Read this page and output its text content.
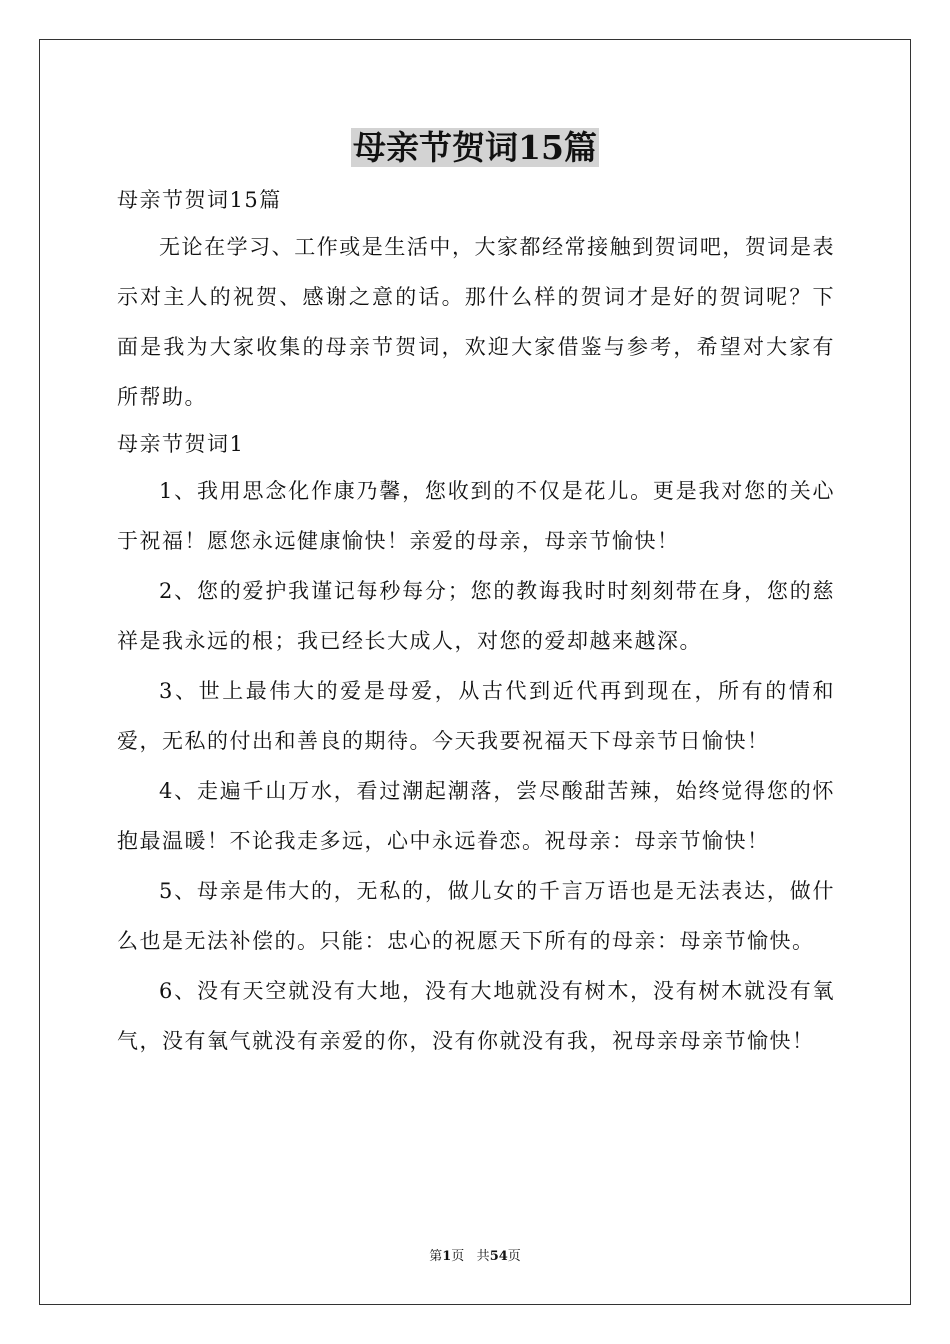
母亲节贺词15篇

母亲节贺词15篇

无论在学习、工作或是生活中，大家都经常接触到贺词吧，贺词是表示对主人的祝贺、感谢之意的话。那什么样的贺词才是好的贺词呢？下面是我为大家收集的母亲节贺词，欢迎大家借鉴与参考，希望对大家有所帮助。

母亲节贺词1

1、我用思念化作康乃馨，您收到的不仅是花儿。更是我对您的关心于祝福！愿您永远健康愉快！亲爱的母亲，母亲节愉快！

2、您的爱护我谨记每秒每分；您的教诲我时时刻刻带在身，您的慈祥是我永远的根；我已经长大成人，对您的爱却越来越深。

3、世上最伟大的爱是母爱，从古代到近代再到现在，所有的情和爱，无私的付出和善良的期待。今天我要祝福天下母亲节日愉快！

4、走遍千山万水，看过潮起潮落，尝尽酸甜苦辣，始终觉得您的怀抱最温暖！不论我走多远，心中永远眷恋。祝母亲：母亲节愉快！

5、母亲是伟大的，无私的，做儿女的千言万语也是无法表达，做什么也是无法补偿的。只能：忠心的祝愿天下所有的母亲：母亲节愉快。

6、没有天空就没有大地，没有大地就没有树木，没有树木就没有氧气，没有氧气就没有亲爱的你，没有你就没有我，祝母亲母亲节愉快！

第1页 共54页
